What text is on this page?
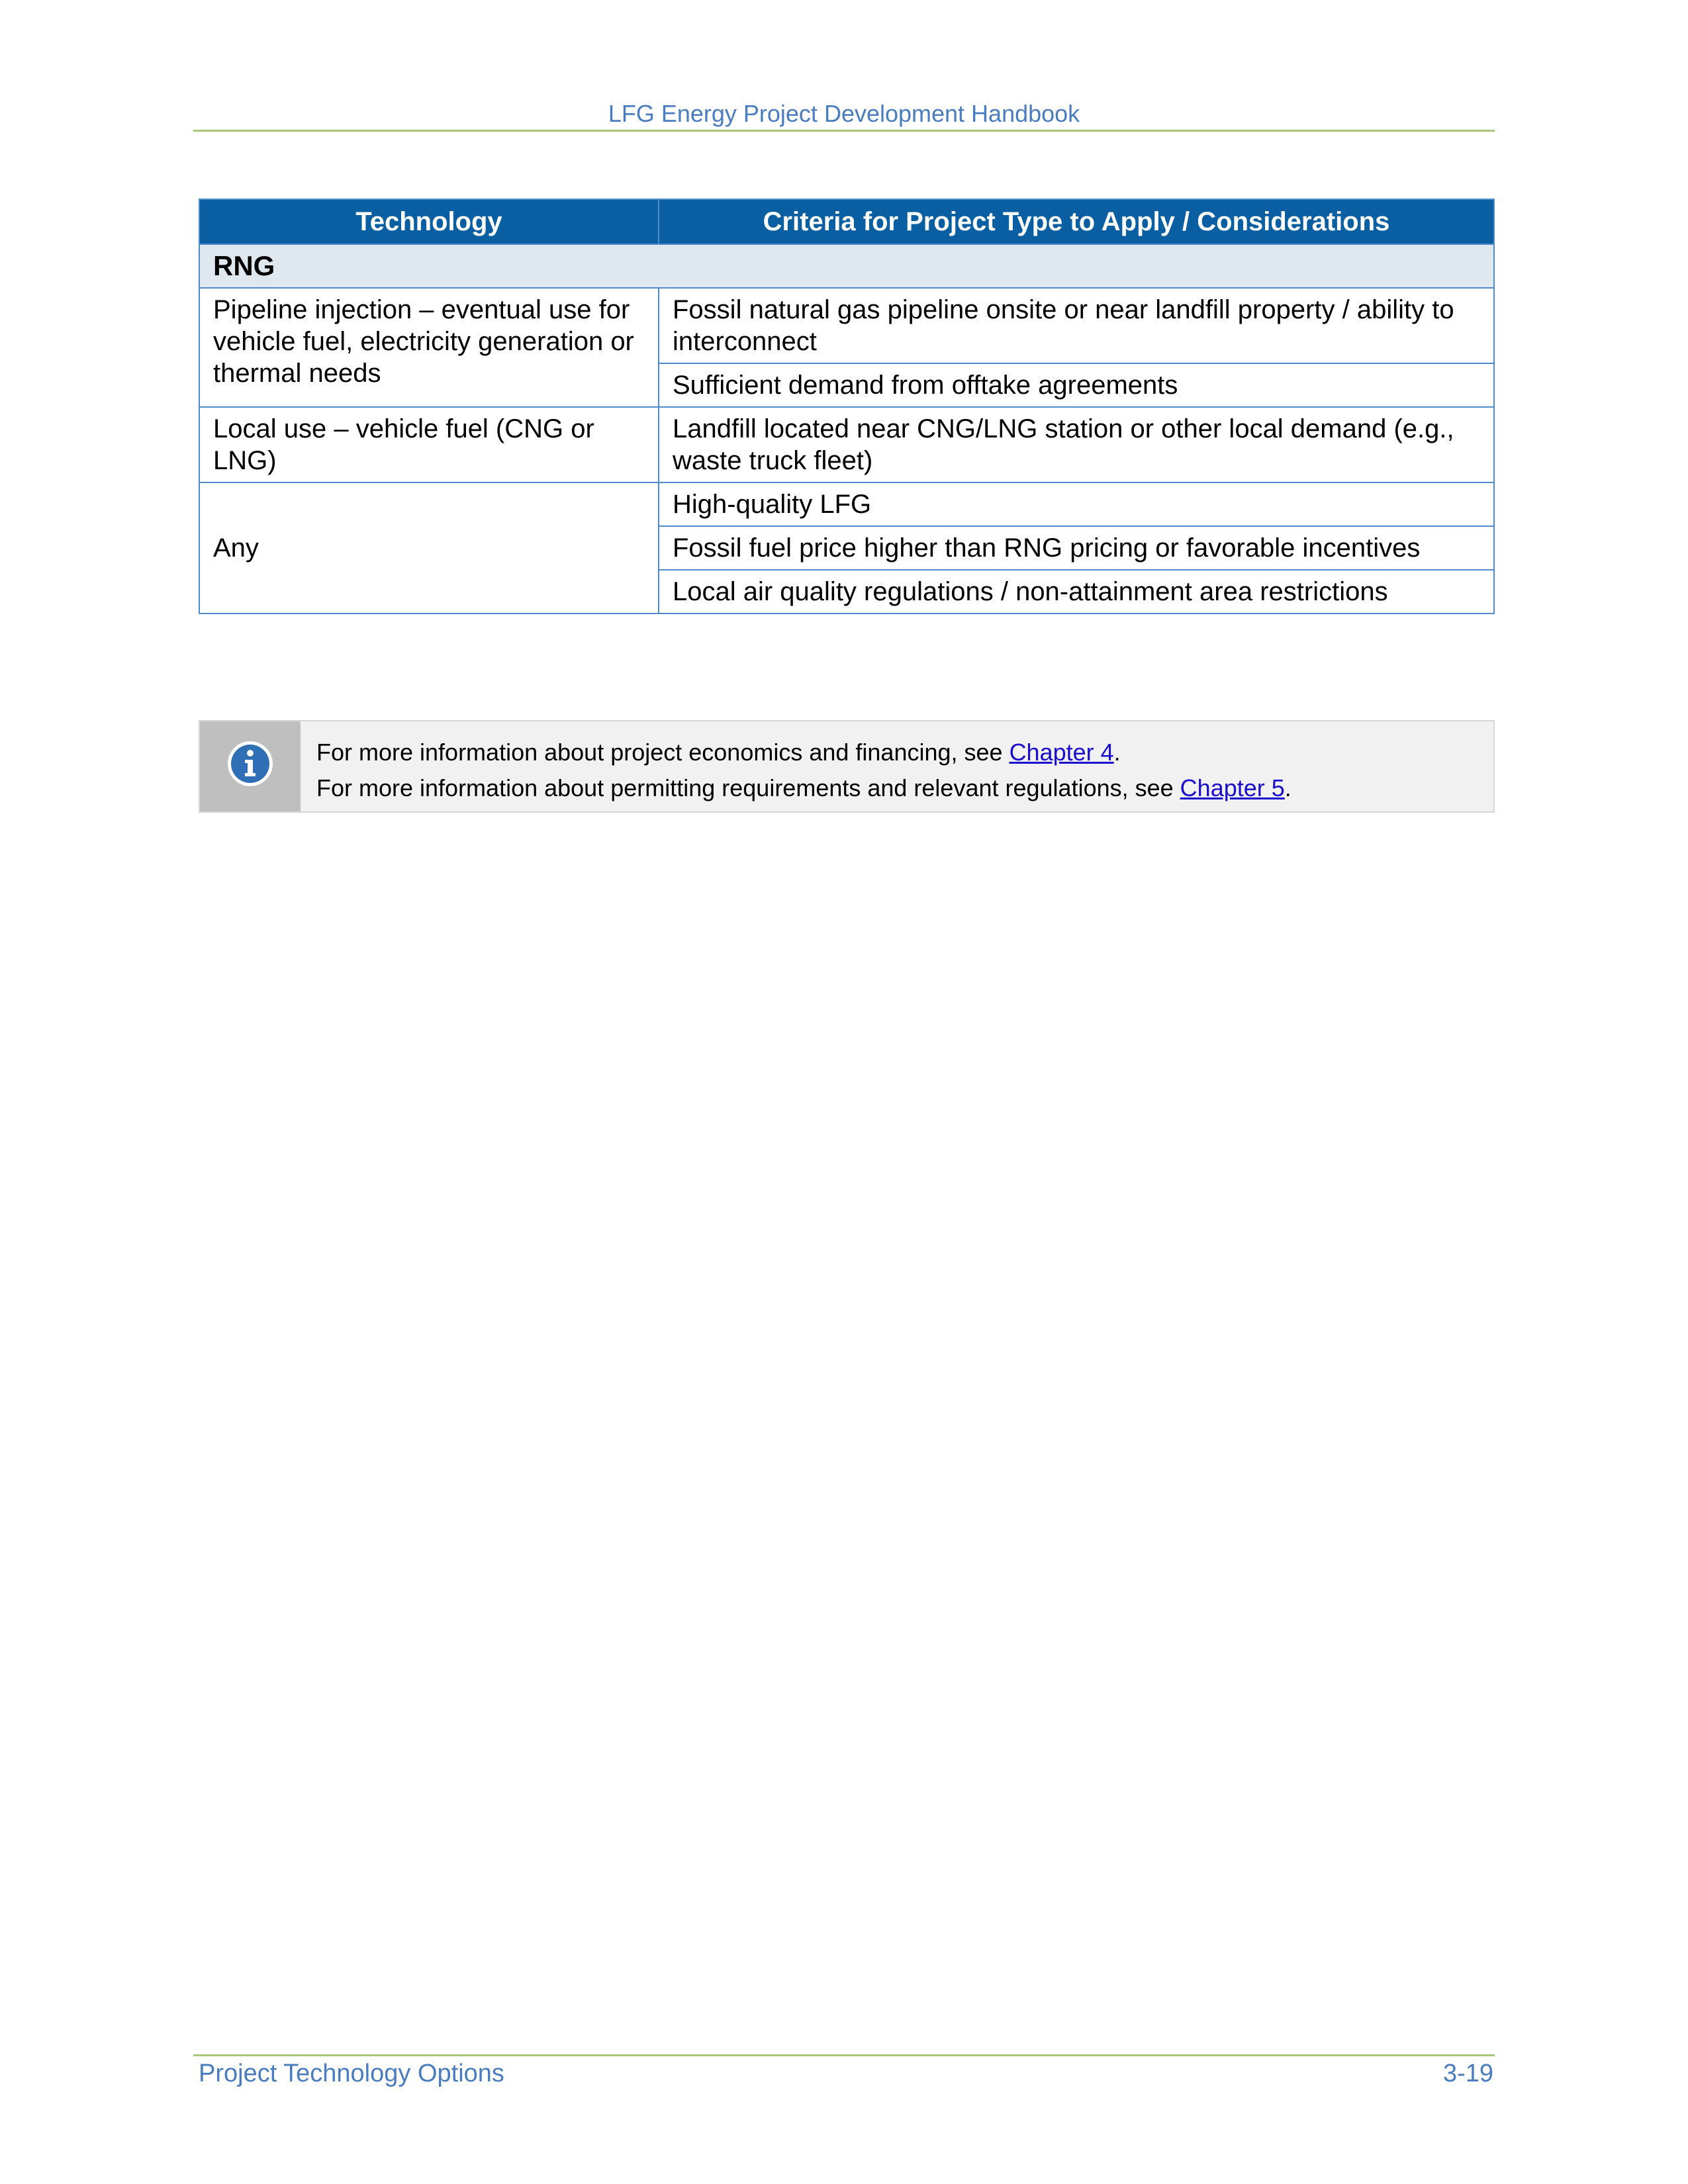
LFG Energy Project Development Handbook
Technology	Criteria for Project Type to Apply / Considerations
RNG	
Pipeline injection – eventual use for vehicle fuel, electricity generation or thermal needs	Fossil natural gas pipeline onsite or near landfill property / ability to interconnect
	Sufficient demand from offtake agreements
Local use – vehicle fuel (CNG or LNG)	Landfill located near CNG/LNG station or other local demand (e.g., waste truck fleet)
Any	High-quality LFG
	Fossil fuel price higher than RNG pricing or favorable incentives
	Local air quality regulations / non-attainment area restrictions
For more information about project economics and financing, see Chapter 4.
For more information about permitting requirements and relevant regulations, see Chapter 5.
Project Technology Options	3-19
